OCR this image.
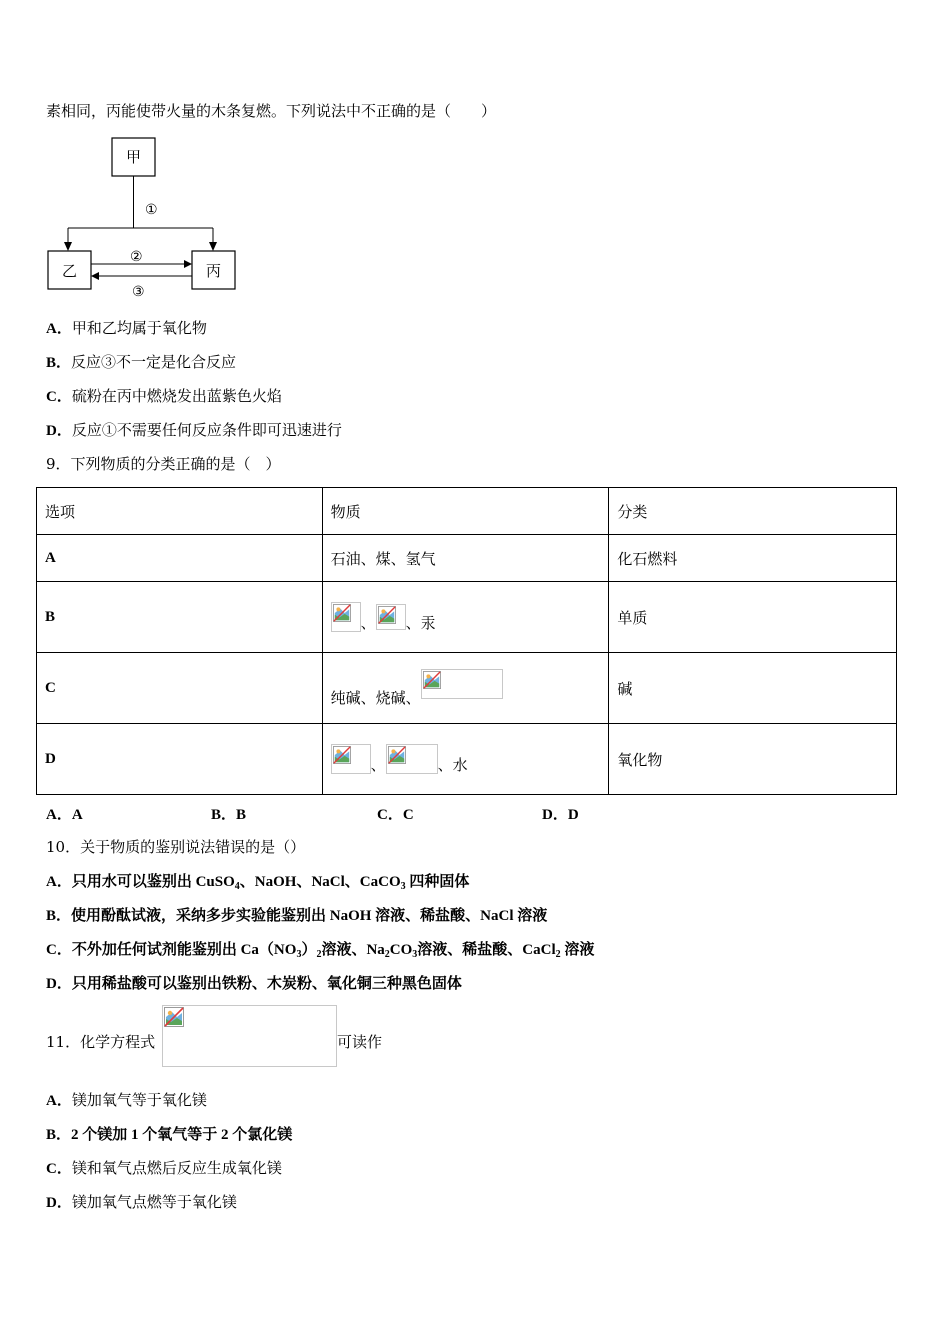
素相同，丙能使带火量的木条复燃。下列说法中不正确的是（　　）
甲
①
乙	丙
②
③
A．甲和乙均属于氧化物
B．反应③不一定是化合反应
C．硫粉在丙中燃烧发出蓝紫色火焰
D．反应①不需要任何反应条件即可迅速进行
9．下列物质的分类正确的是（　）
选项	物质	分类
A	石油、煤、氢气	化石燃料
B	、 、汞	单质
C	纯碱、烧碱、	碱
D	、 、水	氧化物
A．A	B．B	C．C	D．D
10．关于物质的鉴别说法错误的是（）
A．只用水可以鉴别出 CuSO$_4$、NaOH、NaCl、CaCO$_3$ 四种固体
B．使用酚酞试液，采纳多步实验能鉴别出 NaOH 溶液、稀盐酸、NaCl 溶液
C．不外加任何试剂能鉴别出 $Ca(NO_3)_2$溶液、$Na_2CO_3$溶液、稀盐酸、CaCl$_2$ 溶液
D．只用稀盐酸可以鉴别出铁粉、木炭粉、氧化铜三种黑色固体
11．化学方程式	可读作
A．镁加氧气等于氧化镁
B．2 个镁加 1 个氧气等于 2 个氯化镁
C．镁和氧气点燃后反应生成氧化镁
D．镁加氧气点燃等于氧化镁
